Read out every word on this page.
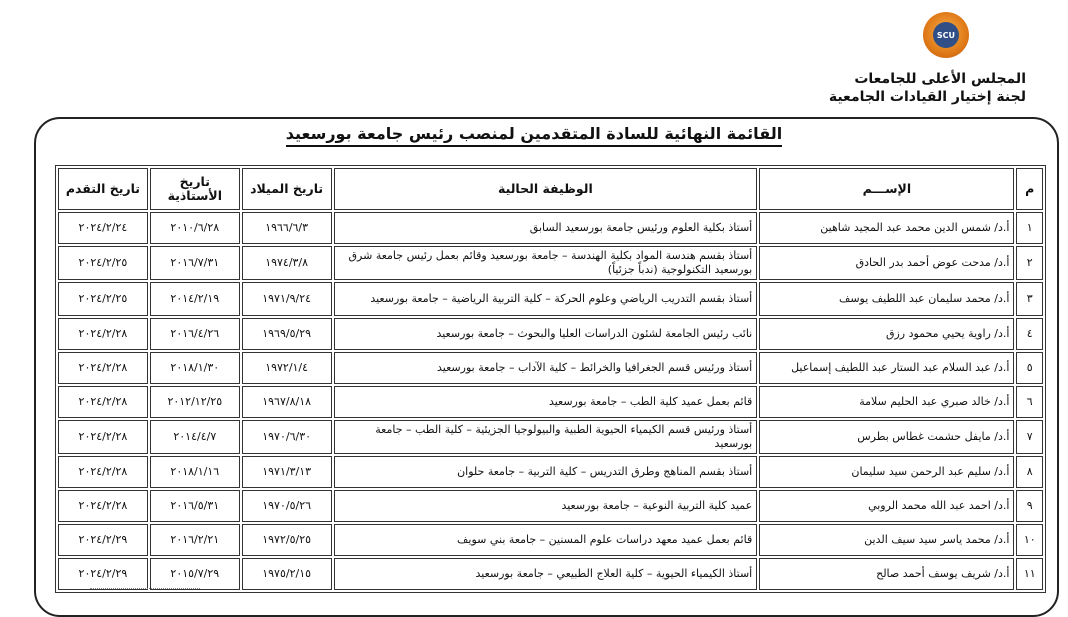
SCU
المجلس الأعلى للجامعات
لجنة إختيار القيادات الجامعية
القائمة النهائية للسادة المتقدمين لمنصب رئيس جامعة بورسعيد
م	الإســـم	الوظيفة الحالية	تاريخ الميلاد	تاريخ الأستاذية	تاريخ التقدم
١	أ.د/ شمس الدين محمد عبد المجيد شاهين	أستاذ بكلية العلوم ورئيس جامعة بورسعيد السابق	١٩٦٦/٦/٣	٢٠١٠/٦/٢٨	٢٠٢٤/٢/٢٤
٢	أ.د/ مدحت عوض أحمد بدر الحادق	أستاذ بقسم هندسة المواد بكلية الهندسة – جامعة بورسعيد وقائم بعمل رئيس جامعة شرق بورسعيد التكنولوجية (ندباً جزئياً)	١٩٧٤/٣/٨	٢٠١٦/٧/٣١	٢٠٢٤/٢/٢٥
٣	أ.د/ محمد سليمان عبد اللطيف يوسف	أستاذ بقسم التدريب الرياضي وعلوم الحركة – كلية التربية الرياضية – جامعة بورسعيد	١٩٧١/٩/٢٤	٢٠١٤/٢/١٩	٢٠٢٤/٢/٢٥
٤	أ.د/ راوية يحيي محمود رزق	نائب رئيس الجامعة لشئون الدراسات العليا والبحوث – جامعة بورسعيد	١٩٦٩/٥/٢٩	٢٠١٦/٤/٢٦	٢٠٢٤/٢/٢٨
٥	أ.د/ عبد السلام عبد الستار عبد اللطيف إسماعيل	أستاذ ورئيس قسم الجغرافيا والخرائط – كلية الآداب – جامعة بورسعيد	١٩٧٢/١/٤	٢٠١٨/١/٣٠	٢٠٢٤/٢/٢٨
٦	أ.د/ خالد صبري عبد الحليم سلامة	قائم بعمل عميد كلية الطب – جامعة بورسعيد	١٩٦٧/٨/١٨	٢٠١٢/١٢/٢٥	٢٠٢٤/٢/٢٨
٧	أ.د/ مايفل حشمت غطاس بطرس	أستاذ ورئيس قسم الكيمياء الحيوية الطبية والبيولوجيا الجزيئية – كلية الطب – جامعة بورسعيد	١٩٧٠/٦/٣٠	٢٠١٤/٤/٧	٢٠٢٤/٢/٢٨
٨	أ.د/ سليم عبد الرحمن سيد سليمان	أستاذ بقسم المناهج وطرق التدريس – كلية التربية – جامعة حلوان	١٩٧١/٣/١٣	٢٠١٨/١/١٦	٢٠٢٤/٢/٢٨
٩	أ.د/ احمد عبد الله محمد الروبي	عميد كلية التربية النوعية – جامعة بورسعيد	١٩٧٠/٥/٢٦	٢٠١٦/٥/٣١	٢٠٢٤/٢/٢٨
١٠	أ.د/ محمد ياسر سيد سيف الدين	قائم بعمل عميد معهد دراسات علوم المسنين – جامعة بني سويف	١٩٧٢/٥/٢٥	٢٠١٦/٢/٢١	٢٠٢٤/٢/٢٩
١١	أ.د/ شريف يوسف أحمد صالح	أستاذ الكيمياء الحيوية – كلية العلاج الطبيعي – جامعة بورسعيد	١٩٧٥/٢/١٥	٢٠١٥/٧/٢٩	٢٠٢٤/٢/٢٩
